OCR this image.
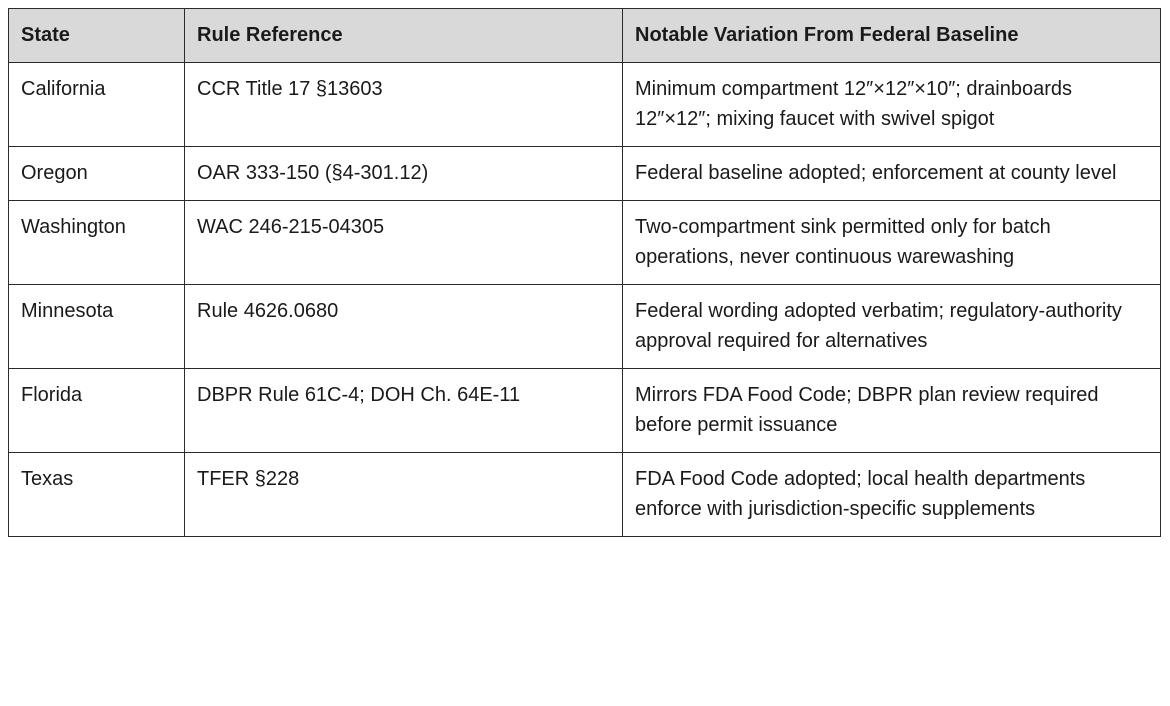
State	Rule Reference	Notable Variation From Federal Baseline
California	CCR Title 17 §13603	Minimum compartment 12″×12″×10″; drainboards 12″×12″; mixing faucet with swivel spigot
Oregon	OAR 333-150 (§4-301.12)	Federal baseline adopted; enforcement at county level
Washington	WAC 246-215-04305	Two-compartment sink permitted only for batch operations, never continuous warewashing
Minnesota	Rule 4626.0680	Federal wording adopted verbatim; regulatory-authority approval required for alternatives
Florida	DBPR Rule 61C-4; DOH Ch. 64E-11	Mirrors FDA Food Code; DBPR plan review required before permit issuance
Texas	TFER §228	FDA Food Code adopted; local health departments enforce with jurisdiction-specific supplements
